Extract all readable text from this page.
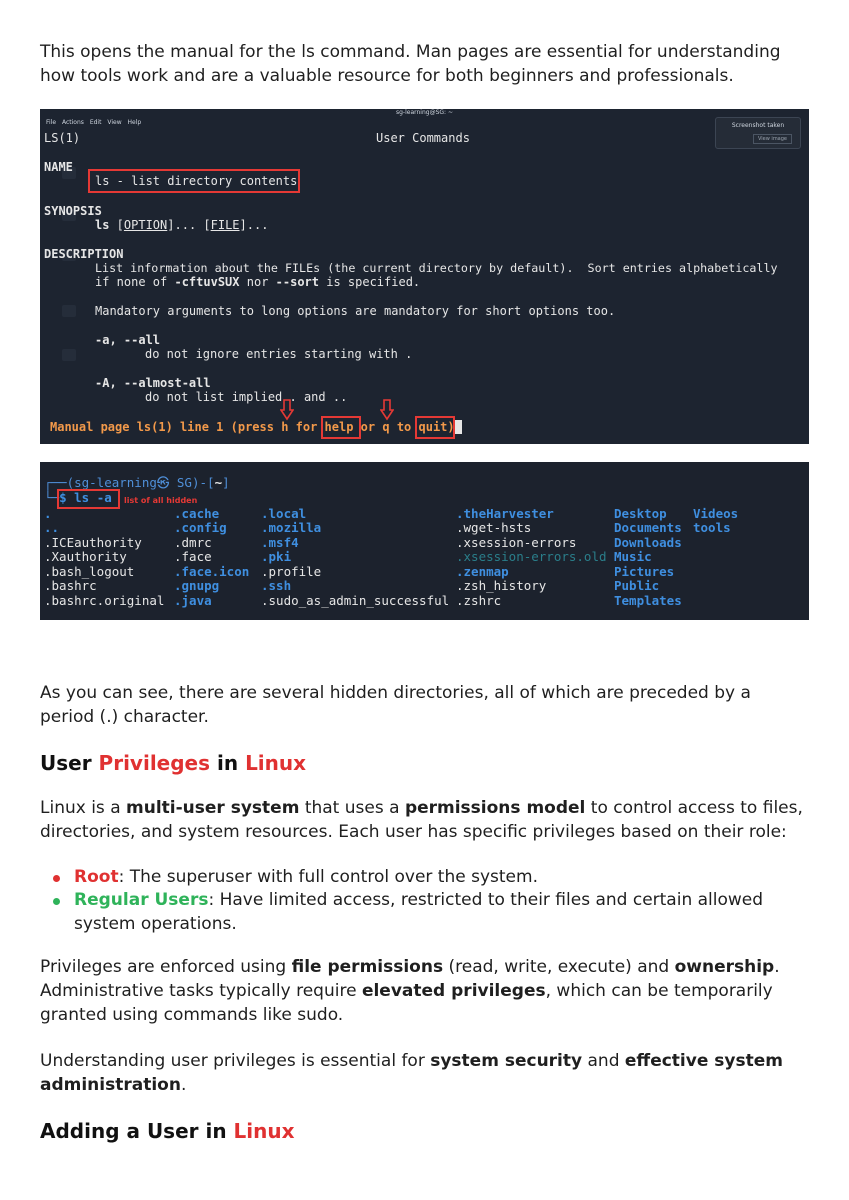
This opens the manual for the ls command. Man pages are essential for understanding how tools work and are a valuable resource for both beginners and professionals.

sg-learning@SG: ~
File Actions Edit View Help	Screenshot taken
View image
LS(1)	User Commands
NAME
ls - list directory contents
SYNOPSIS
ls [OPTION]... [FILE]...
DESCRIPTION
List information about the FILEs (the current directory by default).  Sort entries alphabetically
if none of -cftuvSUX nor --sort is specified.
Mandatory arguments to long options are mandatory for short options too.
-a, --all
do not ignore entries starting with .
-A, --almost-all
do not list implied . and ..
Manual page ls(1) line 1 (press h for help or q to quit)​
┌──(sg-learning㉿ SG)-[~]
└─$ ls -a list of all hidden
.
..
.ICEauthority
.Xauthority
.bash_logout
.bashrc
.bashrc.original
.cache
.config
.dmrc
.face
.face.icon
.gnupg
.java
.local
.mozilla
.msf4
.pki
.profile
.ssh
.sudo_as_admin_successful
.theHarvester
.wget-hsts
.xsession-errors
.xsession-errors.old
.zenmap
.zsh_history
.zshrc
Desktop
Documents
Downloads
Music
Pictures
Public
Templates
Videos
tools

As you can see, there are several hidden directories, all of which are preceded by a period (.) character.

User Privileges in Linux

Linux is a multi-user system that uses a permissions model to control access to files, directories, and system resources. Each user has specific privileges based on their role:

Root: The superuser with full control over the system.
Regular Users: Have limited access, restricted to their files and certain allowed system operations.

Privileges are enforced using file permissions (read, write, execute) and ownership. Administrative tasks typically require elevated privileges, which can be temporarily granted using commands like sudo.

Understanding user privileges is essential for system security and effective system administration.

Adding a User in Linux
